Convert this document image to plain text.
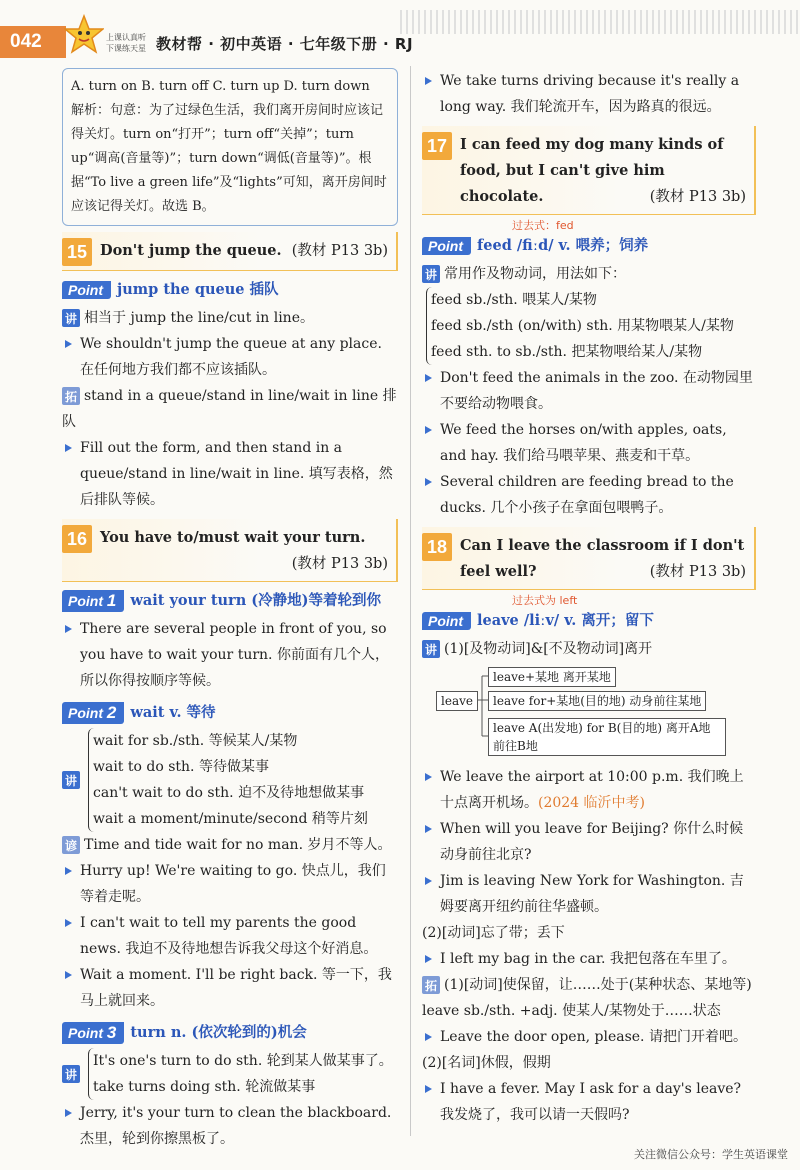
042	上课认真听
下课练天星 教材帮 · 初中英语 · 七年级下册 · RJ
A. turn on B. turn off C. turn up D. turn down
解析：句意：为了过绿色生活，我们离开房间时应该记得关灯。turn on“打开”；turn off“关掉”；turn up“调高(音量等)”；turn down“调低(音量等)”。根据“To live a green life”及“lights”可知，离开房间时应该记得关灯。故选 B。
15 Don't jump the queue. (教材 P13 3b)
Point jump the queue 插队
讲 相当于 jump the line/cut in line。
We shouldn't jump the queue at any place. 在任何地方我们都不应该插队。
拓 stand in a queue/stand in line/wait in line 排队
Fill out the form, and then stand in a queue/stand in line/wait in line. 填写表格，然后排队等候。
16 You have to/must wait your turn.

(教材 P13 3b)
Point 1 wait your turn (冷静地)等着轮到你
There are several people in front of you, so you have to wait your turn. 你前面有几个人，所以你得按顺序等候。
Point 2 wait v. 等待
讲
wait for sb./sth. 等候某人/某物
wait to do sth. 等待做某事
can't wait to do sth. 迫不及待地想做某事
wait a moment/minute/second 稍等片刻
谚 Time and tide wait for no man. 岁月不等人。
Hurry up! We're waiting to go. 快点儿，我们等着走呢。
I can't wait to tell my parents the good news. 我迫不及待地想告诉我父母这个好消息。
Wait a moment. I'll be right back. 等一下，我马上就回来。
Point 3 turn n. (依次轮到的)机会
讲
It's one's turn to do sth. 轮到某人做某事了。
take turns doing sth. 轮流做某事
Jerry, it's your turn to clean the blackboard. 杰里，轮到你擦黑板了。
We take turns driving because it's really a long way. 我们轮流开车，因为路真的很远。
17 I can feed my dog many kinds of food, but I can't give him chocolate.	(教材 P13 3b)
过去式：fed
Point feed /fiːd/ v. 喂养；饲养
讲 常用作及物动词，用法如下：
feed sb./sth. 喂某人/某物
feed sb./sth (on/with) sth. 用某物喂某人/某物
feed sth. to sb./sth. 把某物喂给某人/某物
Don't feed the animals in the zoo. 在动物园里不要给动物喂食。
We feed the horses on/with apples, oats, and hay. 我们给马喂苹果、燕麦和干草。
Several children are feeding bread to the ducks. 几个小孩子在拿面包喂鸭子。
18 Can I leave the classroom if I don't feel well?	(教材 P13 3b)
过去式为 left
Point leave /liːv/ v. 离开；留下
讲 (1)[及物动词]&[不及物动词]离开
leave
leave+某地 离开某地
leave for+某地(目的地) 动身前往某地
leave A(出发地) for B(目的地) 离开A地前往B地
We leave the airport at 10:00 p.m. 我们晚上十点离开机场。(2024 临沂中考)
When will you leave for Beijing? 你什么时候动身前往北京?
Jim is leaving New York for Washington. 吉姆要离开纽约前往华盛顿。
(2)[动词]忘了带；丢下
I left my bag in the car. 我把包落在车里了。
拓 (1)[动词]使保留，让……处于(某种状态、某地等)
leave sb./sth. +adj. 使某人/某物处于……状态
Leave the door open, please. 请把门开着吧。
(2)[名词]休假，假期
I have a fever. May I ask for a day's leave? 我发烧了，我可以请一天假吗?
关注微信公众号：学生英语课堂
